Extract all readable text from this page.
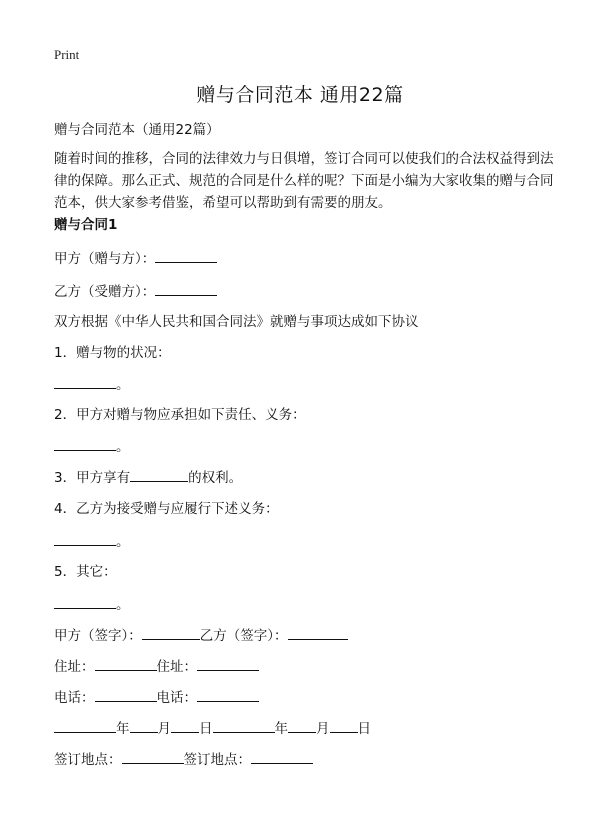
Print
赠与合同范本 通用22篇
赠与合同范本（通用22篇）
随着时间的推移，合同的法律效力与日俱增，签订合同可以使我们的合法权益得到法律的保障。那么正式、规范的合同是什么样的呢？下面是小编为大家收集的赠与合同范本，供大家参考借鉴，希望可以帮助到有需要的朋友。
赠与合同1
甲方（赠与方）：
乙方（受赠方）：
双方根据《中华人民共和国合同法》就赠与事项达成如下协议
1．赠与物的状况：
。
2．甲方对赠与物应承担如下责任、义务：
。
3．甲方享有	的权利。
4．乙方为接受赠与应履行下述义务：
。
5．其它：
。
甲方（签字）：	乙方（签字）：
住址：	住址：
电话：	电话：
年 月 日	年 月 日
签订地点：	签订地点：
